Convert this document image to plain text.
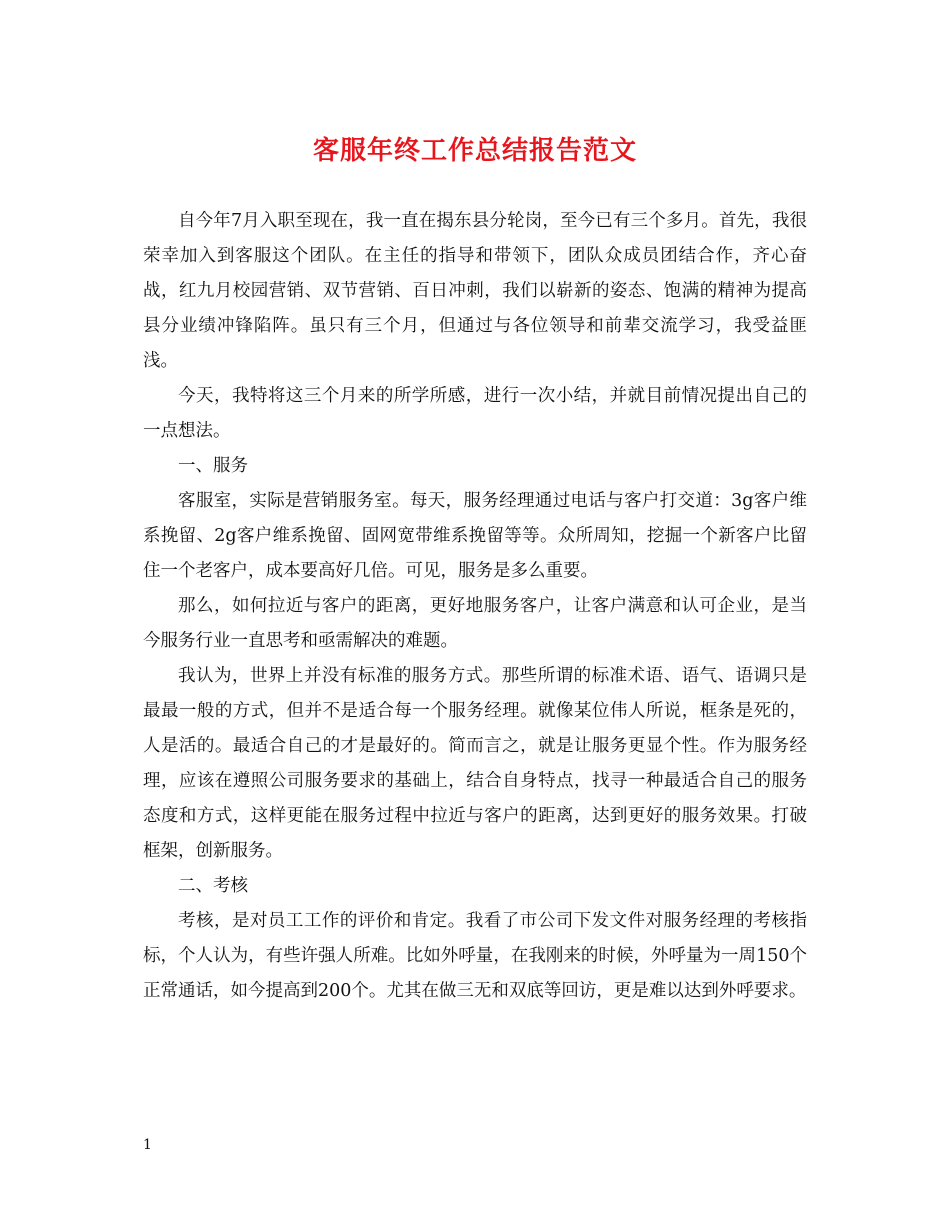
客服年终工作总结报告范文

自今年7月入职至现在，我一直在揭东县分轮岗，至今已有三个多月。首先，我很荣幸加入到客服这个团队。在主任的指导和带领下，团队众成员团结合作，齐心奋战，红九月校园营销、双节营销、百日冲刺，我们以崭新的姿态、饱满的精神为提高县分业绩冲锋陷阵。虽只有三个月，但通过与各位领导和前辈交流学习，我受益匪浅。

今天，我特将这三个月来的所学所感，进行一次小结，并就目前情况提出自己的一点想法。

一、服务

客服室，实际是营销服务室。每天，服务经理通过电话与客户打交道：3g客户维系挽留、2g客户维系挽留、固网宽带维系挽留等等。众所周知，挖掘一个新客户比留住一个老客户，成本要高好几倍。可见，服务是多么重要。

那么，如何拉近与客户的距离，更好地服务客户，让客户满意和认可企业，是当今服务行业一直思考和亟需解决的难题。

我认为，世界上并没有标准的服务方式。那些所谓的标准术语、语气、语调只是最最一般的方式，但并不是适合每一个服务经理。就像某位伟人所说，框条是死的，人是活的。最适合自己的才是最好的。简而言之，就是让服务更显个性。作为服务经理，应该在遵照公司服务要求的基础上，结合自身特点，找寻一种最适合自己的服务态度和方式，这样更能在服务过程中拉近与客户的距离，达到更好的服务效果。打破框架，创新服务。

二、考核

考核，是对员工工作的评价和肯定。我看了市公司下发文件对服务经理的考核指标，个人认为，有些许强人所难。比如外呼量，在我刚来的时候，外呼量为一周150个正常通话，如今提高到200个。尤其在做三无和双底等回访，更是难以达到外呼要求。

1
